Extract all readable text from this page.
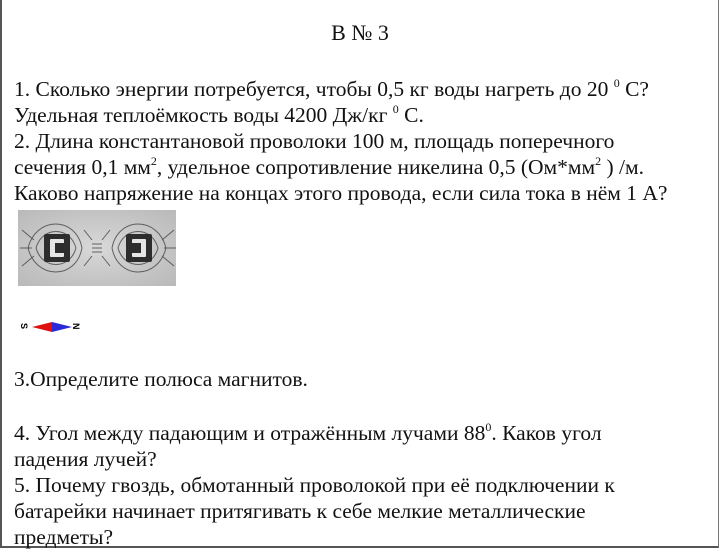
В № 3
1. Сколько энергии потребуется, чтобы 0,5 кг воды нагреть до 20 $^0$ С?
Удельная теплоёмкость воды 4200 Дж/кг $^0$ С.
2. Длина константановой проволоки 100 м, площадь поперечного
сечения 0,1 $мм^2$, удельное сопротивление никелина 0,5 ($Ом*мм^2$ ) /м.
Каково напряжение на концах этого провода, если сила тока в нём 1 А?
S	N
3.Определите полюса магнитов.
4. Угол между падающим и отражённым лучами $88^0$. Каков угол
падения лучей?
5. Почему гвоздь, обмотанный проволокой при её подключении к
батарейки начинает притягивать к себе мелкие металлические
предметы?
